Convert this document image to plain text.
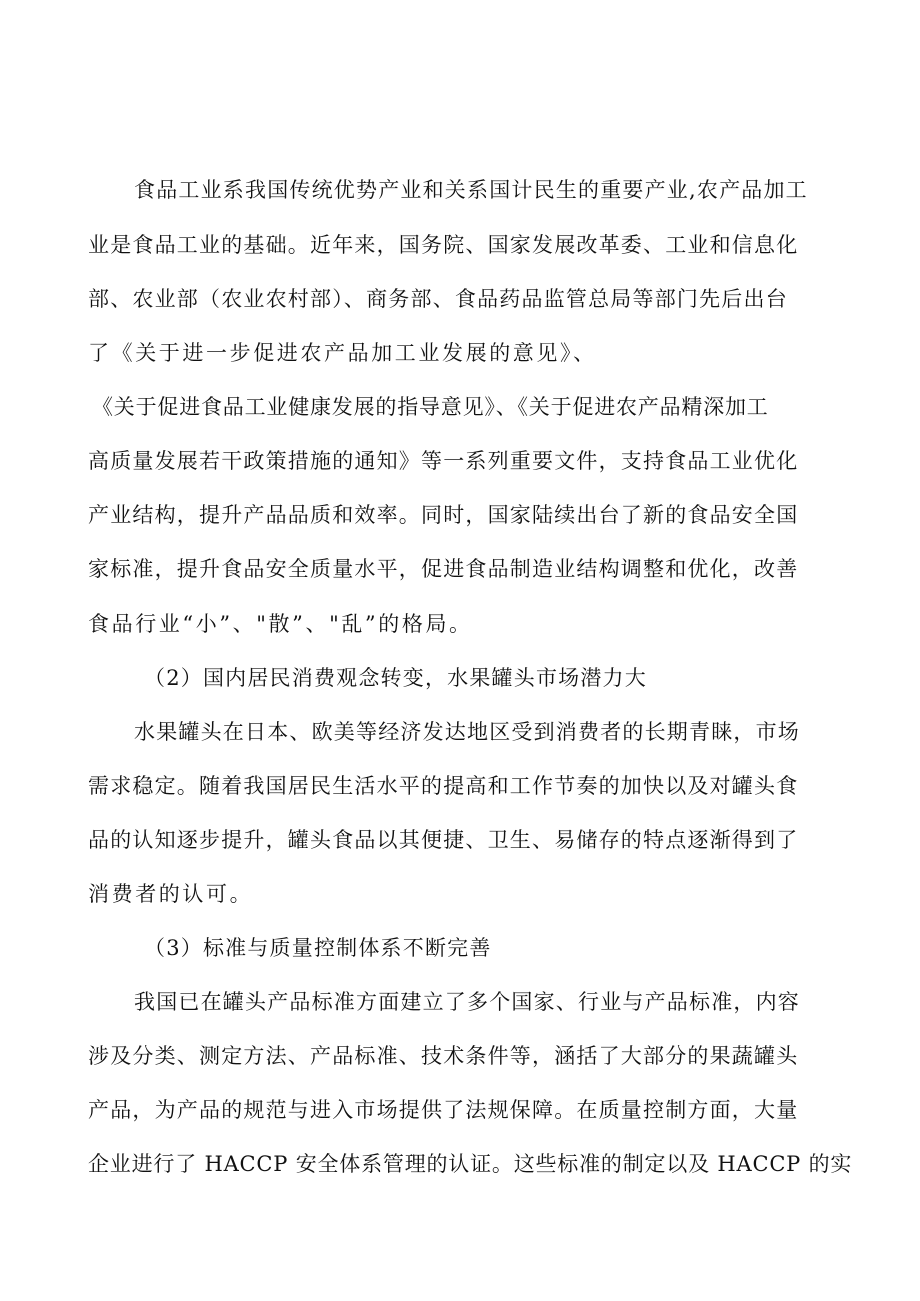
食品工业系我国传统优势产业和关系国计民生的重要产业,农产品加工
业是食品工业的基础。近年来，国务院、国家发展改革委、工业和信息化
部、农业部（农业农村部）、商务部、食品药品监管总局等部门先后出台
了《关于进一步促进农产品加工业发展的意见》、
《关于促进食品工业健康发展的指导意见》、《关于促进农产品精深加工
高质量发展若干政策措施的通知》等一系列重要文件，支持食品工业优化
产业结构，提升产品品质和效率。同时，国家陆续出台了新的食品安全国
家标准，提升食品安全质量水平，促进食品制造业结构调整和优化，改善
食品行业“小”、"散”、"乱”的格局。
（2）国内居民消费观念转变，水果罐头市场潜力大
水果罐头在日本、欧美等经济发达地区受到消费者的长期青睐，市场
需求稳定。随着我国居民生活水平的提高和工作节奏的加快以及对罐头食
品的认知逐步提升，罐头食品以其便捷、卫生、易储存的特点逐渐得到了
消费者的认可。
（3）标准与质量控制体系不断完善
我国已在罐头产品标准方面建立了多个国家、行业与产品标准，内容
涉及分类、测定方法、产品标准、技术条件等，涵括了大部分的果蔬罐头
产品，为产品的规范与进入市场提供了法规保障。在质量控制方面，大量
企业进行了 HACCP 安全体系管理的认证。这些标准的制定以及 HACCP 的实
